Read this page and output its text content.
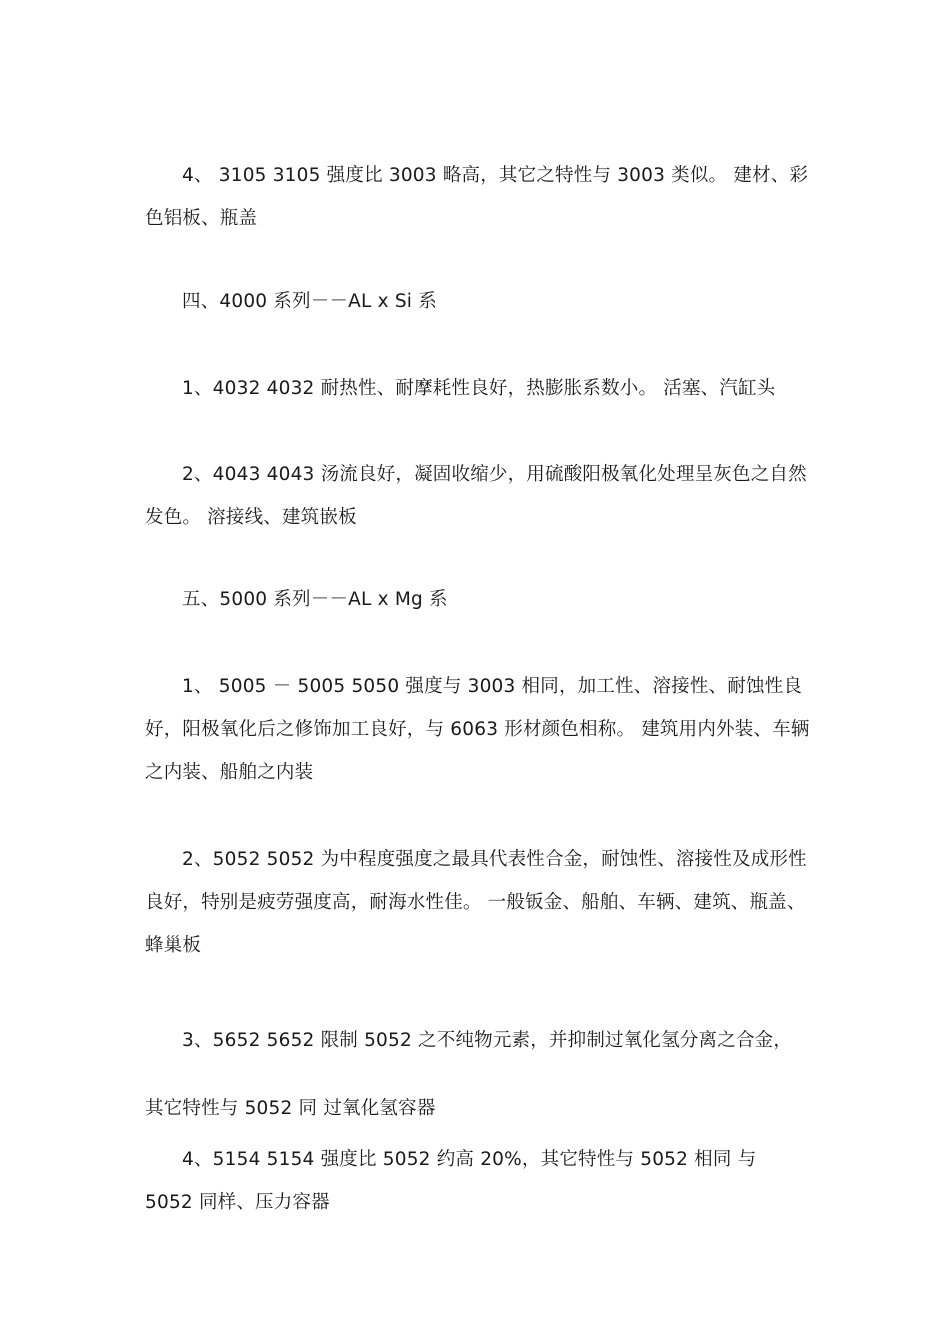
4、 3105 3105 强度比 3003 略高，其它之特性与 3003 类似。 建材、彩色铝板、瓶盖

四、4000 系列－－AL x Si 系

1、4032 4032 耐热性、耐摩耗性良好，热膨胀系数小。 活塞、汽缸头

2、4043 4043 汤流良好，凝固收缩少，用硫酸阳极氧化处理呈灰色之自然发色。 溶接线、建筑嵌板

五、5000 系列－－AL x Mg 系

1、 5005 － 5005 5050 强度与 3003 相同，加工性、溶接性、耐蚀性良好，阳极氧化后之修饰加工良好，与 6063 形材颜色相称。 建筑用内外装、车辆之内装、船舶之内装

2、5052 5052 为中程度强度之最具代表性合金，耐蚀性、溶接性及成形性良好，特别是疲劳强度高，耐海水性佳。 一般钣金、船舶、车辆、建筑、瓶盖、蜂巢板

3、5652 5652 限制 5052 之不纯物元素，并抑制过氧化氢分离之合金，其它特性与 5052 同 过氧化氢容器

4、5154 5154 强度比 5052 约高 20%，其它特性与 5052 相同 与 5052 同样、压力容器
